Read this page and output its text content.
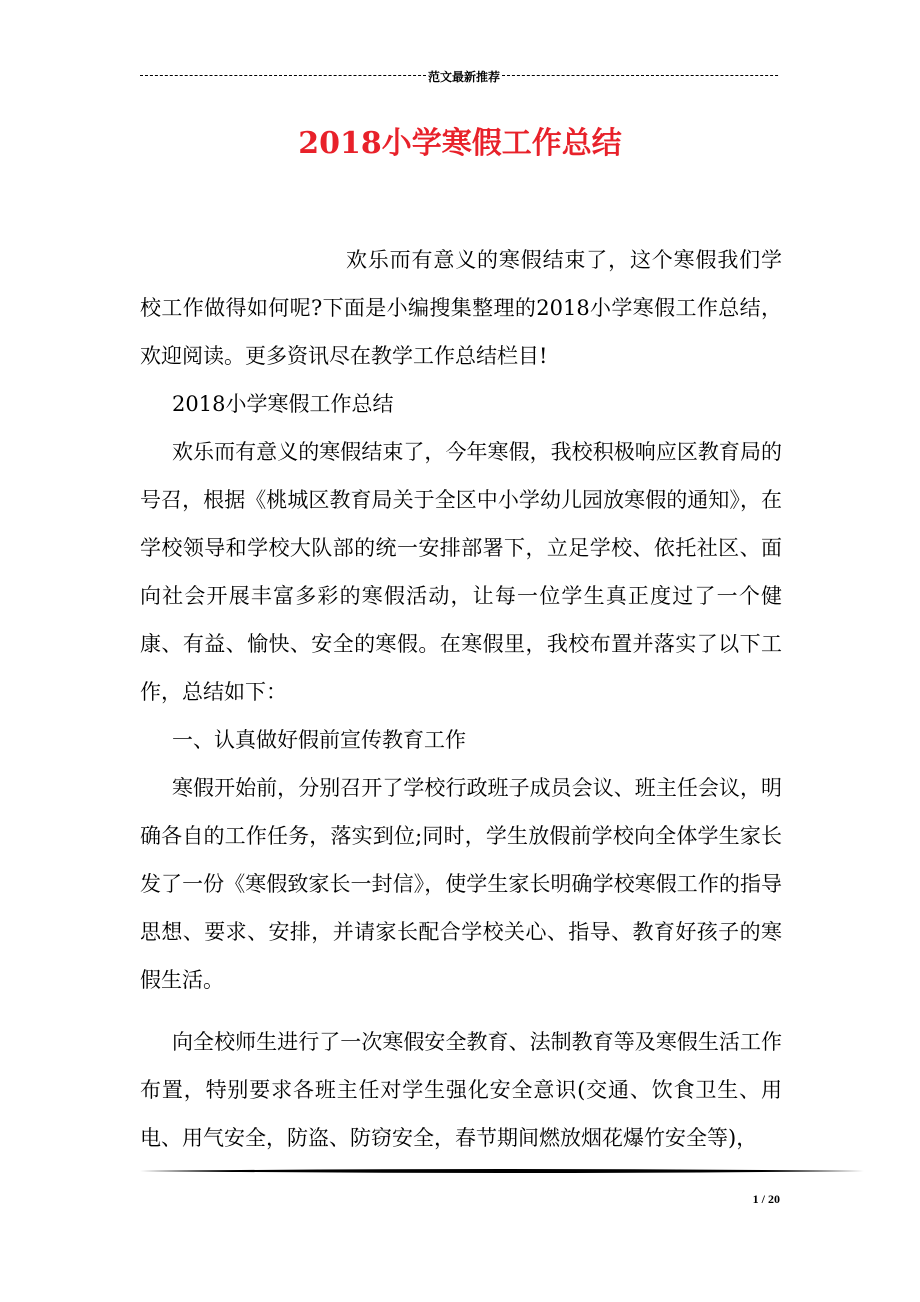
范文最新推荐
2018小学寒假工作总结

欢乐而有意义的寒假结束了，这个寒假我们学校工作做得如何呢?下面是小编搜集整理的2018小学寒假工作总结，欢迎阅读。更多资讯尽在教学工作总结栏目!

2018小学寒假工作总结

欢乐而有意义的寒假结束了，今年寒假，我校积极响应区教育局的号召，根据《桃城区教育局关于全区中小学幼儿园放寒假的通知》，在学校领导和学校大队部的统一安排部署下，立足学校、依托社区、面向社会开展丰富多彩的寒假活动，让每一位学生真正度过了一个健康、有益、愉快、安全的寒假。在寒假里，我校布置并落实了以下工作，总结如下：

一、认真做好假前宣传教育工作

寒假开始前，分别召开了学校行政班子成员会议、班主任会议，明确各自的工作任务，落实到位;同时，学生放假前学校向全体学生家长发了一份《寒假致家长一封信》，使学生家长明确学校寒假工作的指导思想、要求、安排，并请家长配合学校关心、指导、教育好孩子的寒假生活。

向全校师生进行了一次寒假安全教育、法制教育等及寒假生活工作布置，特别要求各班主任对学生强化安全意识(交通、饮食卫生、用电、用气安全，防盗、防窃安全，春节期间燃放烟花爆竹安全等)，

1 / 20
